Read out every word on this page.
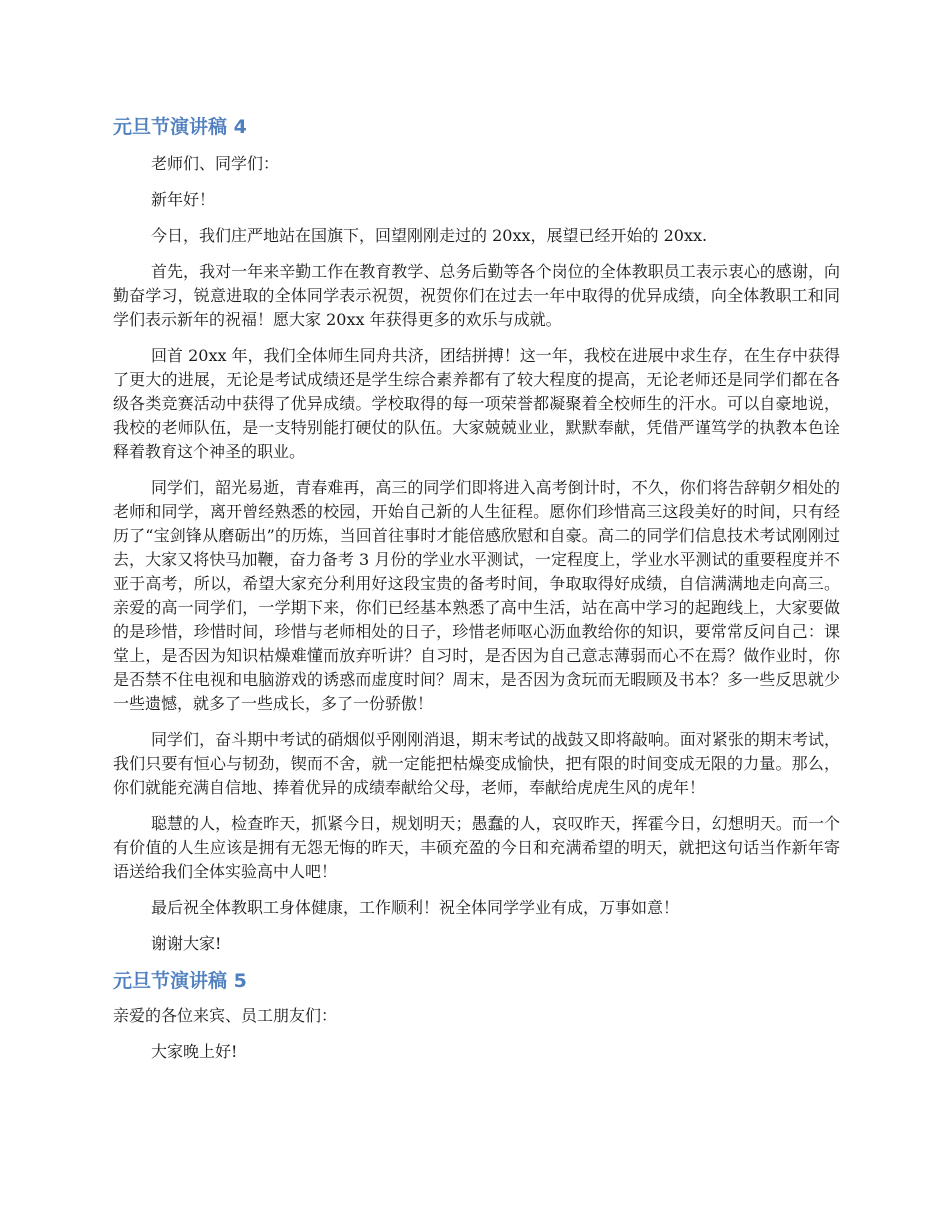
元旦节演讲稿 4

老师们、同学们：

新年好！

今日，我们庄严地站在国旗下，回望刚刚走过的 20xx，展望已经开始的 20xx.

首先，我对一年来辛勤工作在教育教学、总务后勤等各个岗位的全体教职员工表示衷心的感谢，向勤奋学习，锐意进取的全体同学表示祝贺，祝贺你们在过去一年中取得的优异成绩，向全体教职工和同学们表示新年的祝福！愿大家 20xx 年获得更多的欢乐与成就。

回首 20xx 年，我们全体师生同舟共济，团结拼搏！这一年，我校在进展中求生存，在生存中获得了更大的进展，无论是考试成绩还是学生综合素养都有了较大程度的提高，无论老师还是同学们都在各级各类竞赛活动中获得了优异成绩。学校取得的每一项荣誉都凝聚着全校师生的汗水。可以自豪地说，我校的老师队伍，是一支特别能打硬仗的队伍。大家兢兢业业，默默奉献，凭借严谨笃学的执教本色诠释着教育这个神圣的职业。

同学们，韶光易逝，青春难再，高三的同学们即将进入高考倒计时，不久，你们将告辞朝夕相处的老师和同学，离开曾经熟悉的校园，开始自己新的人生征程。愿你们珍惜高三这段美好的时间，只有经历了“宝剑锋从磨砺出”的历炼，当回首往事时才能倍感欣慰和自豪。高二的同学们信息技术考试刚刚过去，大家又将快马加鞭，奋力备考 3 月份的学业水平测试，一定程度上，学业水平测试的重要程度并不亚于高考，所以，希望大家充分利用好这段宝贵的备考时间，争取取得好成绩，自信满满地走向高三。亲爱的高一同学们，一学期下来，你们已经基本熟悉了高中生活，站在高中学习的起跑线上，大家要做的是珍惜，珍惜时间，珍惜与老师相处的日子，珍惜老师呕心沥血教给你的知识，要常常反问自己：课堂上，是否因为知识枯燥难懂而放弃听讲？自习时，是否因为自己意志薄弱而心不在焉？做作业时，你是否禁不住电视和电脑游戏的诱惑而虚度时间？周末，是否因为贪玩而无暇顾及书本？多一些反思就少一些遗憾，就多了一些成长，多了一份骄傲！

同学们，奋斗期中考试的硝烟似乎刚刚消退，期末考试的战鼓又即将敲响。面对紧张的期末考试，我们只要有恒心与韧劲，锲而不舍，就一定能把枯燥变成愉快，把有限的时间变成无限的力量。那么，你们就能充满自信地、捧着优异的成绩奉献给父母，老师，奉献给虎虎生风的虎年！

聪慧的人，检查昨天，抓紧今日，规划明天；愚蠢的人，哀叹昨天，挥霍今日，幻想明天。而一个有价值的人生应该是拥有无怨无悔的昨天，丰硕充盈的今日和充满希望的明天，就把这句话当作新年寄语送给我们全体实验高中人吧！

最后祝全体教职工身体健康，工作顺利！祝全体同学学业有成，万事如意！

谢谢大家!

元旦节演讲稿 5

亲爱的各位来宾、员工朋友们：

大家晚上好!
